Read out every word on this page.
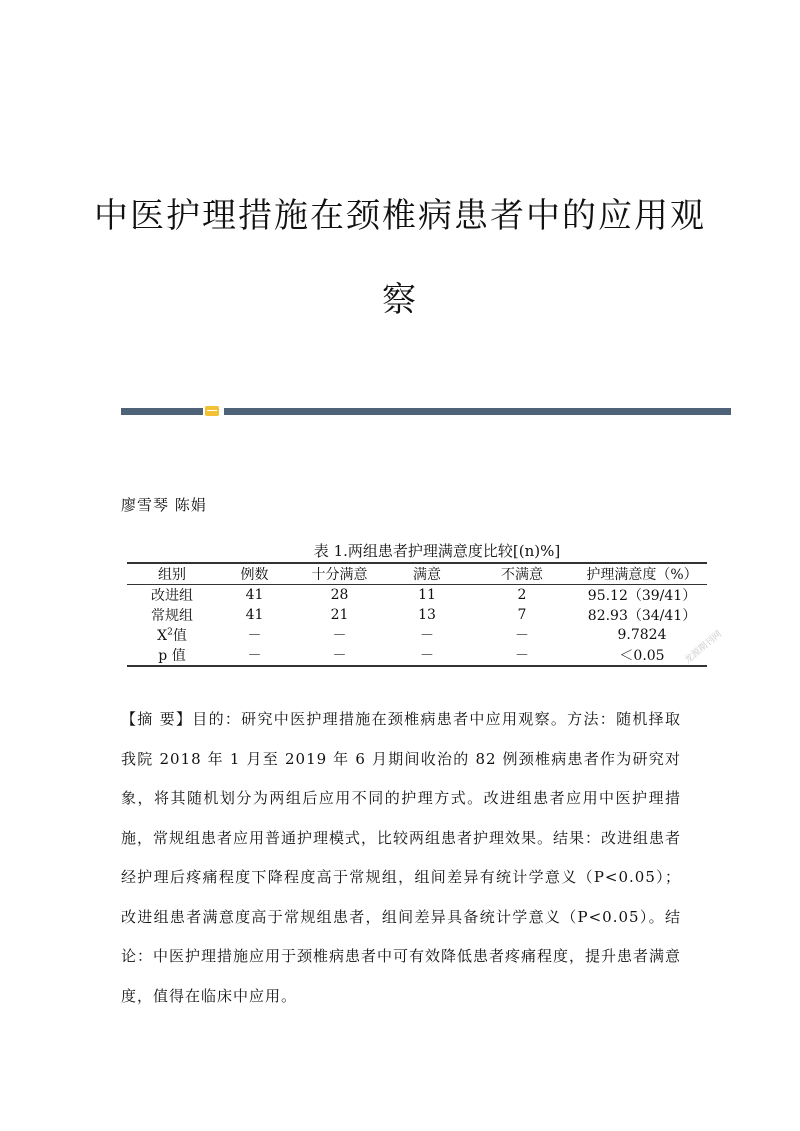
中医护理措施在颈椎病患者中的应用观
察
廖雪琴 陈娟
表 1.两组患者护理满意度比较[(n)%]
组别	例数	十分满意	满意	不满意	护理满意度（%）
改进组	41	28	11	2	95.12（39/41）
常规组	41	21	13	7	82.93（34/41）
$X^2$值	－	－	－	－	9.7824
p 值	－	－	－	－	＜0.05 龙源期刊网
【摘 要】目的：研究中医护理措施在颈椎病患者中应用观察。方法：随机择取我院 2018 年 1 月至 2019 年 6 月期间收治的 82 例颈椎病患者作为研究对象，将其随机划分为两组后应用不同的护理方式。改进组患者应用中医护理措施，常规组患者应用普通护理模式，比较两组患者护理效果。结果：改进组患者经护理后疼痛程度下降程度高于常规组，组间差异有统计学意义（P<0.05）；改进组患者满意度高于常规组患者，组间差异具备统计学意义（P<0.05）。结论：中医护理措施应用于颈椎病患者中可有效降低患者疼痛程度，提升患者满意度，值得在临床中应用。
